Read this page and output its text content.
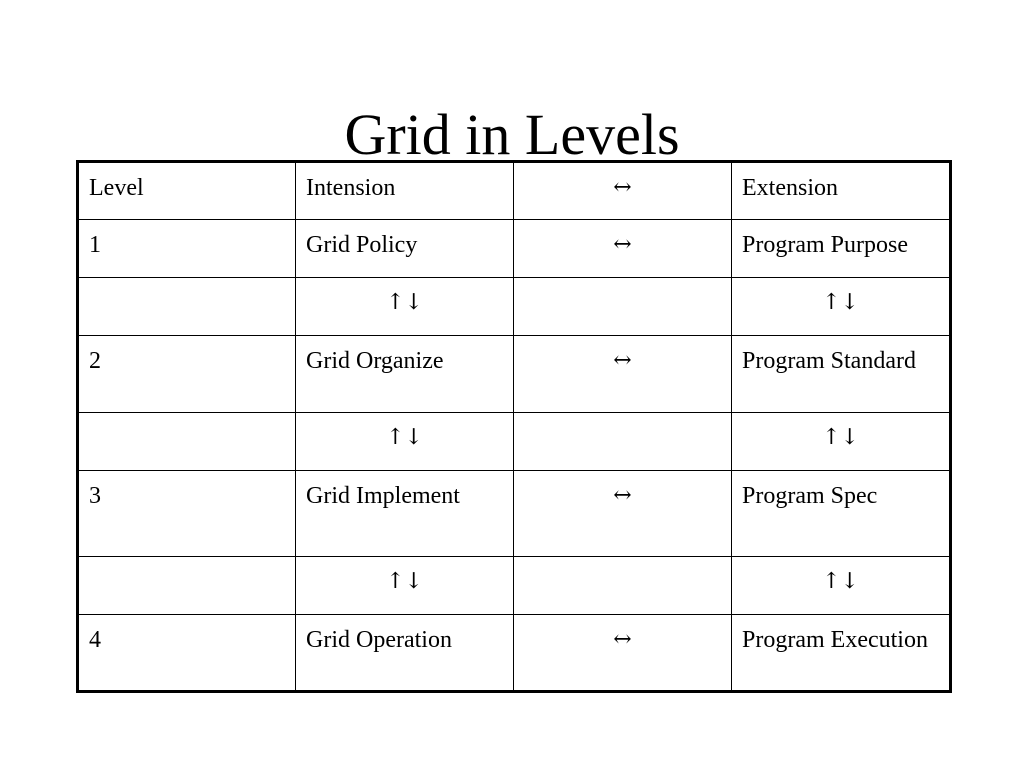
Grid in Levels
Level	Intension	↔	Extension
1	Grid Policy	↔	Program Purpose
	↑↓		↑↓
2	Grid Organize	↔	Program Standard
	↑↓		↑↓
3	Grid Implement	↔	Program Spec
	↑↓		↑↓
4	Grid Operation	↔	Program Execution
